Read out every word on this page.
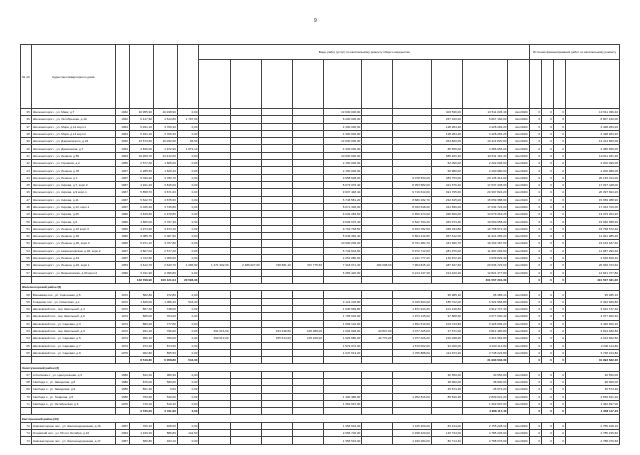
9
№ п/п	Адрес многоквартирного дома					Виды работ (услуг) по капитальному ремонту общего имущества										Источник финансирования работ по капитальному ремонту			

35	Железногорск г., ул. Маяк, д.7	1962	20 955,30	10 298,90	0,00					13 000 000,00			403 536,00	13 511 036,40	Авг.2020г	0	0	0	13 511 036,40
36	Железногорск г., ул. Октябрьская, д.19	1962	6 417,90	4 613,80	1 797,00					6 200 000,00			257 160,00	6 807 160,00	Авг.2020г	0	0	0	6 807 160,00
37	Железногорск г., ул. Мира, д.14 корп.1	1964	5 931,10	3 766,30	0,00					4 300 000,00			128 284,20	4 428 284,20	Авг.2020г	0	0	0	4 428 284,20
38	Железногорск г., ул. Мира, д.14 корп.2	1964	5 931,10	3 766,30	0,00					4 300 000,00			128 284,20	4 428 284,20	Авг.2020г	0	0	0	4 428 284,20
39	Железногорск г., ул. Дзержинского, д.24	1962	13 673,60	10 092,60	96,60					13 000 000,00			364 820,00	13 414 820,00	Авг.2020г	0	0	0	13 414 820,00
40	Железногорск г., ул. Данияшина, д.7	1964	3 846,00	1 972,90	1 872,10					4 300 000,00			86 656,00	4 386 656,00	Авг.2020г	0	0	0	4 386 656,00
41	Железногорск г., ул. Ленина, д.55	1963	19 209,70	13 212,60	0,00					10 000 000,00			586 181,30	10 611 181,30	Авг.2020г	0	0	0	10 611 181,30
42	Железногорск г., ул. Горняков, д.2	1955	2 577,00	1 665,00	0,00					2 150 000,00			52 096,00	2 202 096,00	Авг.2020г	0	0	0	2 202 096,00
43	Железногорск г., ул. Ленина, д.78	1957	2 285,50	1 629,40	0,00					2 150 000,00			50 980,00	2 200 980,00	Авг.2020г	0	0	0	2 200 980,00
44	Железногорск г., ул. Ленина, д.1	1967	5 049,20	3 780,70	0,00					9 958 528,00		9 078 533,00	483 753,00	20 135 314,00	Авг.2020г	0	0	0	20 135 314,00
45	Железногорск г., ул. Кирова, д.7, корп.2	1967	4 941,20	3 815,00	0,00					8 073 076,40		8 353 582,00	421 676,40	17 037 448,00	Авг.2020г	0	0	0	17 037 448,00
46	Железногорск г., ул. Кирова, д.9 корп.1	1967	5 858,70	3 671,60	0,00					9 607 448,40		9 716 614,60	491 765,00	20 397 824,20	Авг.2020г	0	0	0	20 397 824,20
47	Железногорск г., ул. Кирова, д.11	1967	5 622,70	3 675,60	0,00					6 746 581,20		8 680 182,70	232 615,00	15 659 388,90	Авг.2020г	0	0	0	15 659 388,90
48	Железногорск г., ул. Кирова, д.13, корп.1	1967	6 045,40	3 745,80	0,00					8 071 336,00		8 033 548,00	421 839,00	17 034 723,00	Авг.2020г	0	0	0	17 034 723,00
49	Железногорск г., ул. Кирова, д.25	1966	3 815,60	2 479,80	0,00					6 032 283,60		6 650 374,60	396 606,00	13 079 264,20	Авг.2020г	0	0	0	13 079 264,20
50	Железногорск г., ул. Кирова, д.6	1966	4 865,00	3 767,30	0,00					9 609 670,40		9 522 794,40	463 373,40	19 660 058,20	Авг.2020г	0	0	0	19 660 058,20
51	Железногорск г., ул. Ленина, д.16 корп.3	1966	4 974,90	3 673,10	0,00					9 762 748,50		9 463 782,50	495 334,80	19 758 572,40	Авг.2020г	0	0	0	19 758 572,40
52	Железногорск г., ул. Ленина, д.18	1966	3 085,70	2 007,90	0,00					5 649 360,40		5 804 312,80	257 612,00	11 921 285,20	Авг.2020г	0	0	0	11 921 285,20
53	Железногорск г., ул. Ленина, д.20, корп.3	1966	5 971,10	3 767,80	0,00					10 000 206,20		8 721 284,70	441 696,70	19 163 187,60	Авг.2020г	0	0	0	19 163 187,60
54	Железногорск г., ул. Новоселовская, д.36, корп.2	1967	3 807,00	2 577,20	0,00					5 732 604,50		5 972 713,60	281 976,00	11 987 293,60	Авг.2020г	0	0	0	11 987 293,60
55	Железногорск г., ул. Ленина, д.43	1967	1 722,50	1 009,60	0,00					2 251 080,00		2 241 777,20	146 972,20	4 639 829,40	Авг.2020г	0	0	0	4 639 829,40
56	Железногорск г., ул. Ленина, д.22, корп.1	1953	3 612,70	2 649,70	1 286,80	1 471 302,00	2 486 627,00	728 681,10	472 775,60	7 318 071,30	182 008,60	7 964 815,10	487 647,60	20 936 723,60	Авг.2020г	0	0	0	20 936 723,60
57	Железногорск г., ул. Бирюсинская, д.30 корп.2	1966	3 341,90	2 096,80	0,00					6 383 420,00		6 214 147,30	214 420,20	12 821 477,80	Авг.2020г	0	0	0	12 821 477,80
			132 798,90	100 121,04	20 596,30									401 507 331,30		0	0	0	401 507 331,30
Железногорский район (6)																			
58	Вишнёвка пос., ул. Совхозная, д.6	1972	582,80	372,80	0,00								95 385,10	95 385,10	Авг.2020г	0	0	0	95 385,10
59	Сладково пос., ул. Советская, д.1	1972	1 628,00	1 086,40	544,00					3 124 102,80		3 015 664,00	185 722,00	6 324 966,80	Авг.2020г	0	0	0	6 324 966,80
60	Шелковский пос., пер. Школьный, д.4	1972	857,40	748,00	0,00					1 630 669,80		1 871 914,20	101 218,60	3 912 747,40	Авг.2020г	0	0	0	3 912 747,40
61	Шелковский пос., пер. Школьный, д.6	1974	805,00	764,00	0,00					1 705 602,90		1 973 135,60	97 868,60	3 677 000,40	Авг.2020г	0	0	0	3 677 000,40
62	Шелковский пос., ул. Садовая, д.3	1974	880,20	777,80	0,00					1 669 122,60		1 651 510,90	104 743,80	3 426 606,20	Авг.2020г	0	0	0	3 426 606,20
63	Шелковский пос., пер. Школьный, д.9	1972	931,20	796,60	0,00	491 616,60		154 338,60	105 389,00	1 604 028,00	40 837,00	1 077 025,00	27 671,00	3 814 480,80	Авг.2020г	0	0	0	3 814 480,80
64	Шелковский пос., ул. Садовая, д.5	1974	900,10	780,00	0,00	490 013,00		155 514,00	105 329,00	1 626 680,00	40 770,20	1 077 026,20	210 048,00	4 314 962,80	Авг.2020г	0	0	0	4 314 962,80
65	Шелковский пос., ул. Садовая, д.7	1974	973,20	874,50	0,00					1 579 072,00		1 570 002,00	91 040,00	3 240 114,80	Авг.2020г	0	0	0	3 240 114,80
66	Шелковский пос., ул. Садовая, д.9	1976	962,80	865,50	0,00					1 647 613,20		1 756 888,00	114 973,20	3 748 224,80	Авг.2020г	0	0	0	3 748 224,80
			8 519,60	6 058,80	544,00									31 993 632,30		0	0	0	31 993 632,30
Золотухинский район (3)																			
67	Аг.Колинка с., ул. Центральная, д.3	1980	631,00	380,30	0,00								30 550,00	30 550,00	Авг.2020г	0	0	0	30 550,00
68	Свобода п., ул. Заводская, д.8	1980	876,00	580,60	0,00								38 900,00	38 900,00	Авг.2020г	0	0	0	38 900,00
69	Свобода п., ул. Заводская, д.9	1986	861,30	0,00	0,00								45 574,20	45 574,20	Авг.2020г	0	0	0	45 574,20
70	Свобода п., ул. Гагарина, д.5	1980	750,60	540,60	0,00					1 400 480,00		1 352 816,00	86 640,20	2 839 631,20	Авг.2020г	0	0	0	2 839 631,20
71	Свобода п., ул. Октябрьская, д.6	1976	716,10	510,40	0,00					1 362 697,00				1 362 697,00	Авг.2020г	0	0	0	1 362 697,00
			3 735,00	2 011,90	0,00									4 368 117,40		0	0	0	4 358 117,40
Касторенский район (33)																			
72	Новокасторное пос., ул. Железнодорожная, д.16	1957	700,10	468,00	0,00					1 356 534,00		1 315 200,00	84 144,00	2 755 228,10	Авг.2020г	0	0	0	2 755 228,10
73	Олымский пос., ул. 50 лет Октября, д.10	1963	1 199,30	886,80	142,50					2 056 720,00		2 338 420,00	140 734,00	4 785 236,60	Авг.2020г	0	0	0	4 785 236,60
74	Новокасторное пос., ул. Железнодорожная, д.17	1957	680,80	463,10	0,00					1 356 534,00		1 349 184,00	82 714,40	2 788 076,60	Авг.2020г	0	0	0	2 788 076,60
